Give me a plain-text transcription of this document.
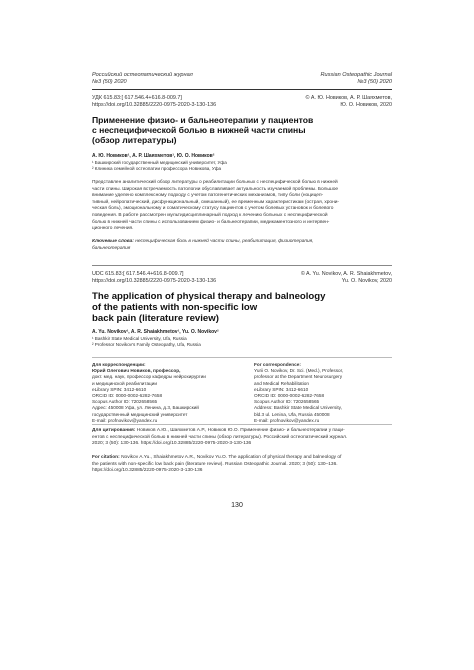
Российский остеопатический журнал
№3 (50) 2020
Russian Osteopathic Journal
№3 (50) 2020
УДК 615.83:[ 617.546.4+616.8-009.7]
https://doi.org/10.32885/2220-0975-2020-3-130-136
© А. Ю. Новиков, А. Р. Шаяхметов,
Ю. О. Новиков, 2020
Применение физио- и бальнеотерапии у пациентов
с неспецифической болью в нижней части спины
(обзор литературы)
А. Ю. Новиков¹, А. Р. Шаяхметов¹, Ю. О. Новиков²
¹ Башкирский государственный медицинский университет, Уфа
² Клиника семейной остеопатии профессора Новикова, Уфа
Представлен аналитический обзор литературы о реабилитации больных с неспецифической болью в нижней
части спины. Широкая встречаемость патологии обуславливает актуальность изучаемой проблемы. Большое
внимание уделено комплексному подходу с учетом патогенетических механизмов, типу боли (ноцицеп-
тивный, нейропатический, дисфункциональный, смешанный), ее временным характеристикам (острая, хрони-
ческая боль), эмоциональному и соматическому статусу пациентов с учетом болевых установок и болевого
поведения. В работе рассмотрен мультидисциплинарный подход к лечению больных с неспецифической
болью в нижней части спины с использованием физио- и бальнеотерапии, медикаментозного и интервен-
ционного лечения.
Ключевые слова: неспецифическая боль в нижней части спины, реабилитация, физиотерапия,
бальнеотерапия
UDC 615.83:[ 617.546.4+616.8-009.7]
https://doi.org/10.32885/2220-0975-2020-3-130-136
© A. Yu. Novikov, A. R. Shaiakhmetov,
Yu. O. Novikov, 2020
The application of physical therapy and balneology
of the patients with non-specific low
back pain (literature review)
A. Yu. Novikov¹, A. R. Shaiakhmetov¹, Yu. O. Novikov²
¹ Bashkir State Medical University, Ufa, Russia
² Professor Novikov's Family Osteopathy, Ufa, Russia
Для корреспонденции:
Юрий Олегович Новиков, профессор,
докт. мед. наук, профессор кафедры нейрохирургии
и медицинской реабилитации
eLibrary SPIN: 3412-6610
ORCID ID: 0000-0002-6282-7658
Scopus Author ID: 7202658565
Адрес: 450008 Уфа, ул. Ленина, д.3, Башкирский
государственный медицинский университет
E-mail: profnovikov@yandex.ru
For correspondence:
Yurii O. Novikov, Dr. Sci. (Med.), Professor,
professor at the Department Neurosurgery
and Medical Rehabilitation
eLibrary SPIN: 3412-6610
ORCID ID: 0000-0002-6282-7658
Scopus Author ID: 7202658565
Address: Bashkir State Medical University,
bld.3 ul. Lenina, Ufa, Russia 450008
E-mail: profnovikov@yandex.ru
Для цитирования: Новиков А.Ю., Шаяхметов А.Р., Новиков Ю.О. Применение физио- и бальнеотерапии у паци-
ентов с неспецифической болью в нижней части спины (обзор литературы). Российский остеопатический журнал.
2020; 3 (50): 130-136. https://doi.org/10.32885/2220-0975-2020-3-130-136
For citation: Novikov A.Yu., Shaiakhmetov A.R., Novikov Yu.O. The application of physical therapy and balneology of
the patients with non-specific low back pain (literature review). Russian Osteopathic Journal. 2020; 3 (50): 130–136.
https://doi.org/10.32885/2220-0975-2020-3-130-136
130
